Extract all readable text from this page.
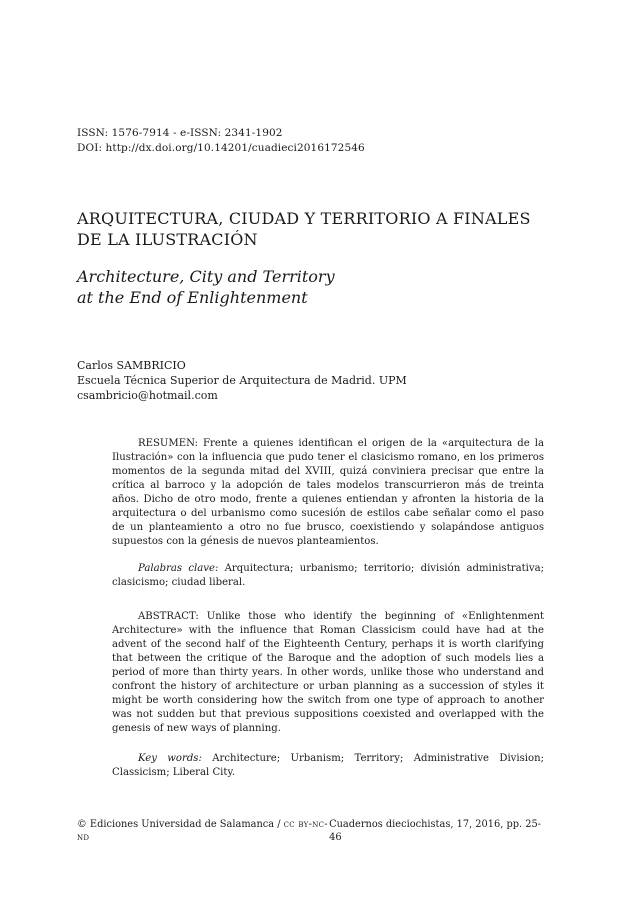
ISSN: 1576-7914 - e-ISSN: 2341-1902
DOI: http://dx.doi.org/10.14201/cuadieci2016172546
ARQUITECTURA, CIUDAD Y TERRITORIO A FINALES
DE LA ILUSTRACIÓN
Architecture, City and Territory
at the End of Enlightenment
Carlos SAMBRICIO
Escuela Técnica Superior de Arquitectura de Madrid. UPM
csambricio@hotmail.com

RESUMEN: Frente a quienes identifican el origen de la «arquitectura de la Ilustración» con la influencia que pudo tener el clasicismo romano, en los primeros momentos de la segunda mitad del XVIII, quizá conviniera precisar que entre la crítica al barroco y la adopción de tales modelos transcurrieron más de treinta años. Dicho de otro modo, frente a quienes entiendan y afronten la historia de la arquitectura o del urbanismo como sucesión de estilos cabe señalar como el paso de un planteamiento a otro no fue brusco, coexistiendo y solapándose antiguos supuestos con la génesis de nuevos planteamientos.

Palabras clave: Arquitectura; urbanismo; territorio; división administrativa; clasicismo; ciudad liberal.

ABSTRACT: Unlike those who identify the beginning of «Enlightenment Architecture» with the influence that Roman Classicism could have had at the advent of the second half of the Eighteenth Century, perhaps it is worth clarifying that between the critique of the Baroque and the adoption of such models lies a period of more than thirty years. In other words, unlike those who understand and confront the history of architecture or urban planning as a succession of styles it might be worth considering how the switch from one type of approach to another was not sudden but that previous suppositions coexisted and overlapped with the genesis of new ways of planning.

Key words: Architecture; Urbanism; Territory; Administrative Division; Classicism; Liberal City.

© Ediciones Universidad de Salamanca / cc by-nc-nd
Cuadernos dieciochistas, 17, 2016, pp. 25-46
